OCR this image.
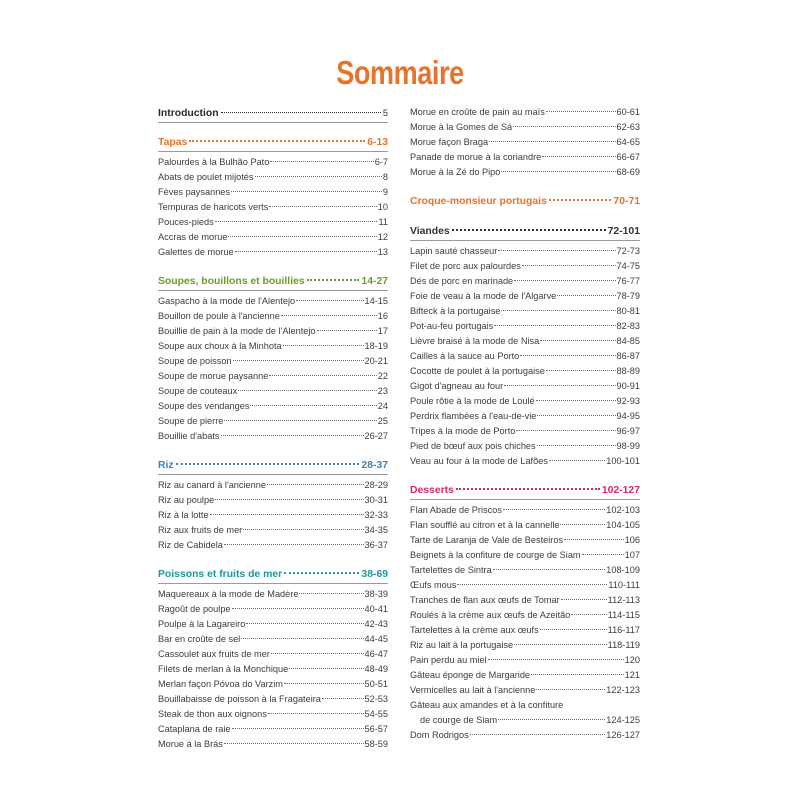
Sommaire
Introduction	5
Tapas	6-13
Palourdes à la Bulhão Pato	6-7
Abats de poulet mijotés	8
Fèves paysannes	9
Tempuras de haricots verts	10
Pouces-pieds	11
Accras de morue	12
Galettes de morue	13
Soupes, bouillons et bouillies	14-27
Gaspacho à la mode de l'Alentejo	14-15
Bouillon de poule à l'ancienne	16
Bouillie de pain à la mode de l'Alentejo	17
Soupe aux choux à la Minhota	18-19
Soupe de poisson	20-21
Soupe de morue paysanne	22
Soupe de couteaux	23
Soupe des vendanges	24
Soupe de pierre	25
Bouillie d'abats	26-27
Riz	28-37
Riz au canard à l'ancienne	28-29
Riz au poulpe	30-31
Riz à la lotte	32-33
Riz aux fruits de mer	34-35
Riz de Cabidela	36-37
Poissons et fruits de mer	38-69
Maquereaux à la mode de Madère	38-39
Ragoût de poulpe	40-41
Poulpe à la Lagareiro	42-43
Bar en croûte de sel	44-45
Cassoulet aux fruits de mer	46-47
Filets de merlan à la Monchique	48-49
Merlan façon Póvoa do Varzim	50-51
Bouillabaisse de poisson à la Fragateira	52-53
Steak de thon aux oignons	54-55
Cataplana de raie	56-57
Morue à la Brás	58-59
Morue en croûte de pain au maïs	60-61
Morue à la Gomes de Sá	62-63
Morue façon Braga	64-65
Panade de morue à la coriandre	66-67
Morue à la Zé do Pipo	68-69
Croque-monsieur portugais	70-71
Viandes	72-101
Lapin sauté chasseur	72-73
Filet de porc aux palourdes	74-75
Dés de porc en marinade	76-77
Foie de veau à la mode de l'Algarve	78-79
Bifteck à la portugaise	80-81
Pot-au-feu portugais	82-83
Lièvre braisé à la mode de Nisa	84-85
Cailles à la sauce au Porto	86-87
Cocotte de poulet à la portugaise	88-89
Gigot d'agneau au four	90-91
Poule rôtie à la mode de Loulé	92-93
Perdrix flambées à l'eau-de-vie	94-95
Tripes à la mode de Porto	96-97
Pied de bœuf aux pois chiches	98-99
Veau au four à la mode de Lafões	100-101
Desserts	102-127
Flan Abade de Priscos	102-103
Flan soufflé au citron et à la cannelle	104-105
Tarte de Laranja de Vale de Besteiros	106
Beignets à la confiture de courge de Siam	107
Tartelettes de Sintra	108-109
Œufs mous	110-111
Tranches de flan aux œufs de Tomar	112-113
Roulés à la crème aux œufs de Azeitão	114-115
Tartelettes à la crème aux œufs	116-117
Riz au lait à la portugaise	118-119
Pain perdu au miel	120
Gâteau éponge de Margaride	121
Vermicelles au lait à l'ancienne	122-123
Gâteau aux amandes et à la confiture
de courge de Siam	124-125
Dom Rodrigos	126-127
